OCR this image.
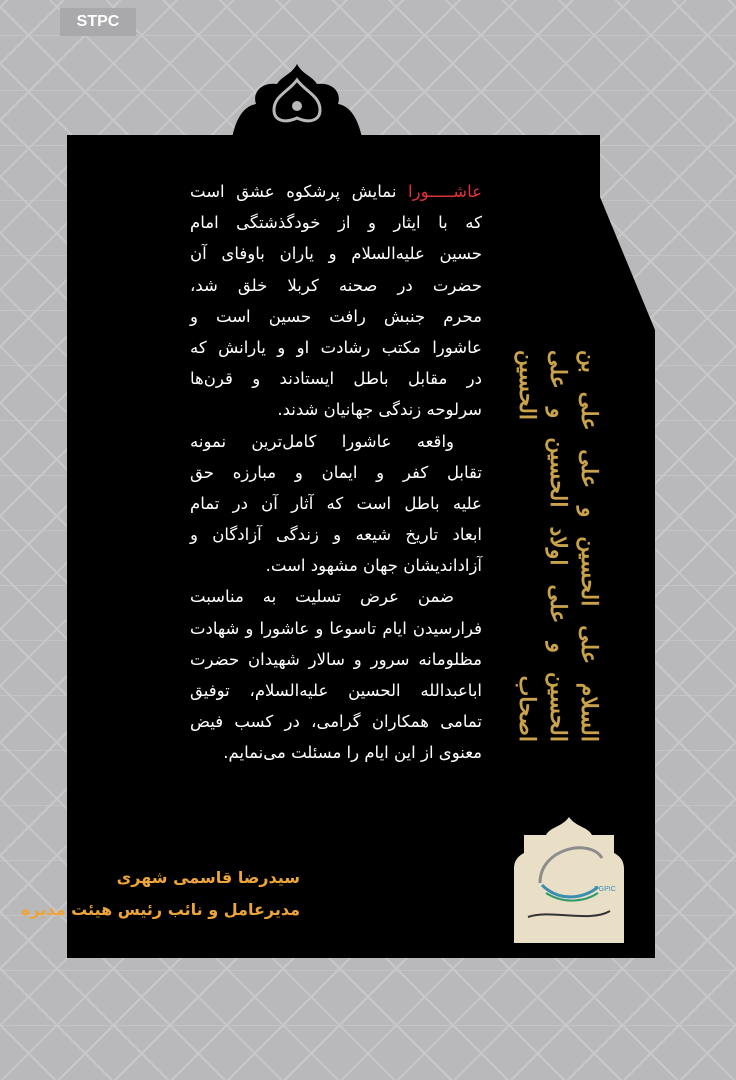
STPC
عاشـــــورا نمایش پرشکوه عشق است
که با ایثار و از خودگذشتگی امام
حسین علیه‌السلام و یاران باوفای آن
حضرت در صحنه کربلا خلق شد،
محرم جنبش رافت حسین است و
عاشورا مکتب رشادت او و یارانش که
در مقابل باطل ایستادند و قرن‌ها
سرلوحه زندگی جهانیان شدند.
واقعه عاشورا کامل‌ترین نمونه
تقابل کفر و ایمان و مبارزه حق
علیه باطل است که آثار آن در تمام
ابعاد تاریخ شیعه و زندگی آزادگان و
آزاداندیشان جهان مشهود است.
ضمن عرض تسلیت به مناسبت
فرارسیدن ایام تاسوعا و عاشورا و شهادت
مظلومانه سرور و سالار شهیدان حضرت
اباعبدالله الحسین علیه‌السلام، توفیق
تمامی همکاران گرامی، در کسب فیض
معنوی از این ایام را مسئلت می‌نمایم.
السلام علی الحسین و علی علی بن الحسین و علی اولاد الحسین و علی اصحاب الحسین
PGPIC
سیدرضا قاسمی شهری
مدیرعامل و نائب رئیس هیئت مدیره
